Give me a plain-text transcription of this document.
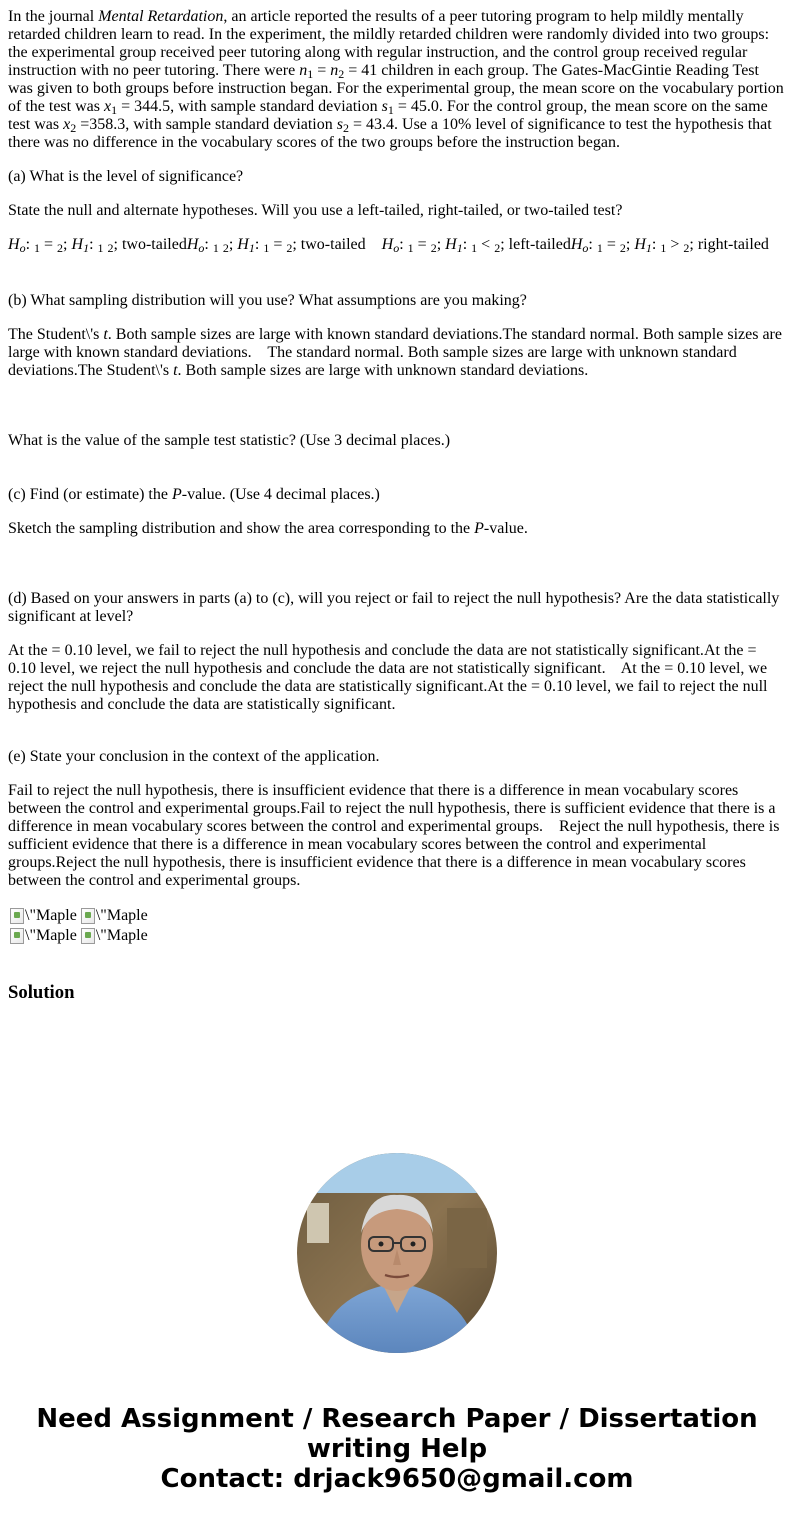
In the journal Mental Retardation, an article reported the results of a peer tutoring program to help mildly mentally retarded children learn to read. In the experiment, the mildly retarded children were randomly divided into two groups: the experimental group received peer tutoring along with regular instruction, and the control group received regular instruction with no peer tutoring. There were $n_1 = n_2 = 41$ children in each group. The Gates-MacGintie Reading Test was given to both groups before instruction began. For the experimental group, the mean score on the vocabulary portion of the test was $x_1 = 344.5$, with sample standard deviation $s_1 = 45.0$. For the control group, the mean score on the same test was $x_2 =358.3$, with sample standard deviation $s_2 = 43.4$. Use a 10% level of significance to test the hypothesis that there was no difference in the vocabulary scores of the two groups before the instruction began.

(a) What is the level of significance?

State the null and alternate hypotheses. Will you use a left-tailed, right-tailed, or two-tailed test?

$H_o$: $_1$ = $_2$; $H_1$: $_1$ $_2$; two-tailedH$_o$: $_1$ $_2$; $H_1$: $_1$ = $_2$; two-tailed $H_o$: $_1$ = $_2$; $H_1$: $_1$ < $_2$; left-tailedH$_o$: $_1$ = $_2$; $H_1$: $_1$ > $_2$; right-tailed

(b) What sampling distribution will you use? What assumptions are you making?

The Student\'s t. Both sample sizes are large with known standard deviations.The standard normal. Both sample sizes are large with known standard deviations. The standard normal. Both sample sizes are large with unknown standard deviations.The Student\'s t. Both sample sizes are large with unknown standard deviations.

What is the value of the sample test statistic? (Use 3 decimal places.)

(c) Find (or estimate) the P-value. (Use 4 decimal places.)

Sketch the sampling distribution and show the area corresponding to the P-value.

(d) Based on your answers in parts (a) to (c), will you reject or fail to reject the null hypothesis? Are the data statistically significant at level?

At the = 0.10 level, we fail to reject the null hypothesis and conclude the data are not statistically significant.At the = 0.10 level, we reject the null hypothesis and conclude the data are not statistically significant. At the = 0.10 level, we reject the null hypothesis and conclude the data are statistically significant.At the = 0.10 level, we fail to reject the null hypothesis and conclude the data are statistically significant.

(e) State your conclusion in the context of the application.

Fail to reject the null hypothesis, there is insufficient evidence that there is a difference in mean vocabulary scores between the control and experimental groups.Fail to reject the null hypothesis, there is sufficient evidence that there is a difference in mean vocabulary scores between the control and experimental groups. Reject the null hypothesis, there is sufficient evidence that there is a difference in mean vocabulary scores between the control and experimental groups.Reject the null hypothesis, there is insufficient evidence that there is a difference in mean vocabulary scores between the control and experimental groups.

\"Maple \"Maple
\"Maple \"Maple
Solution
Need Assignment / Research Paper / Dissertation
writing Help
Contact: drjack9650@gmail.com
